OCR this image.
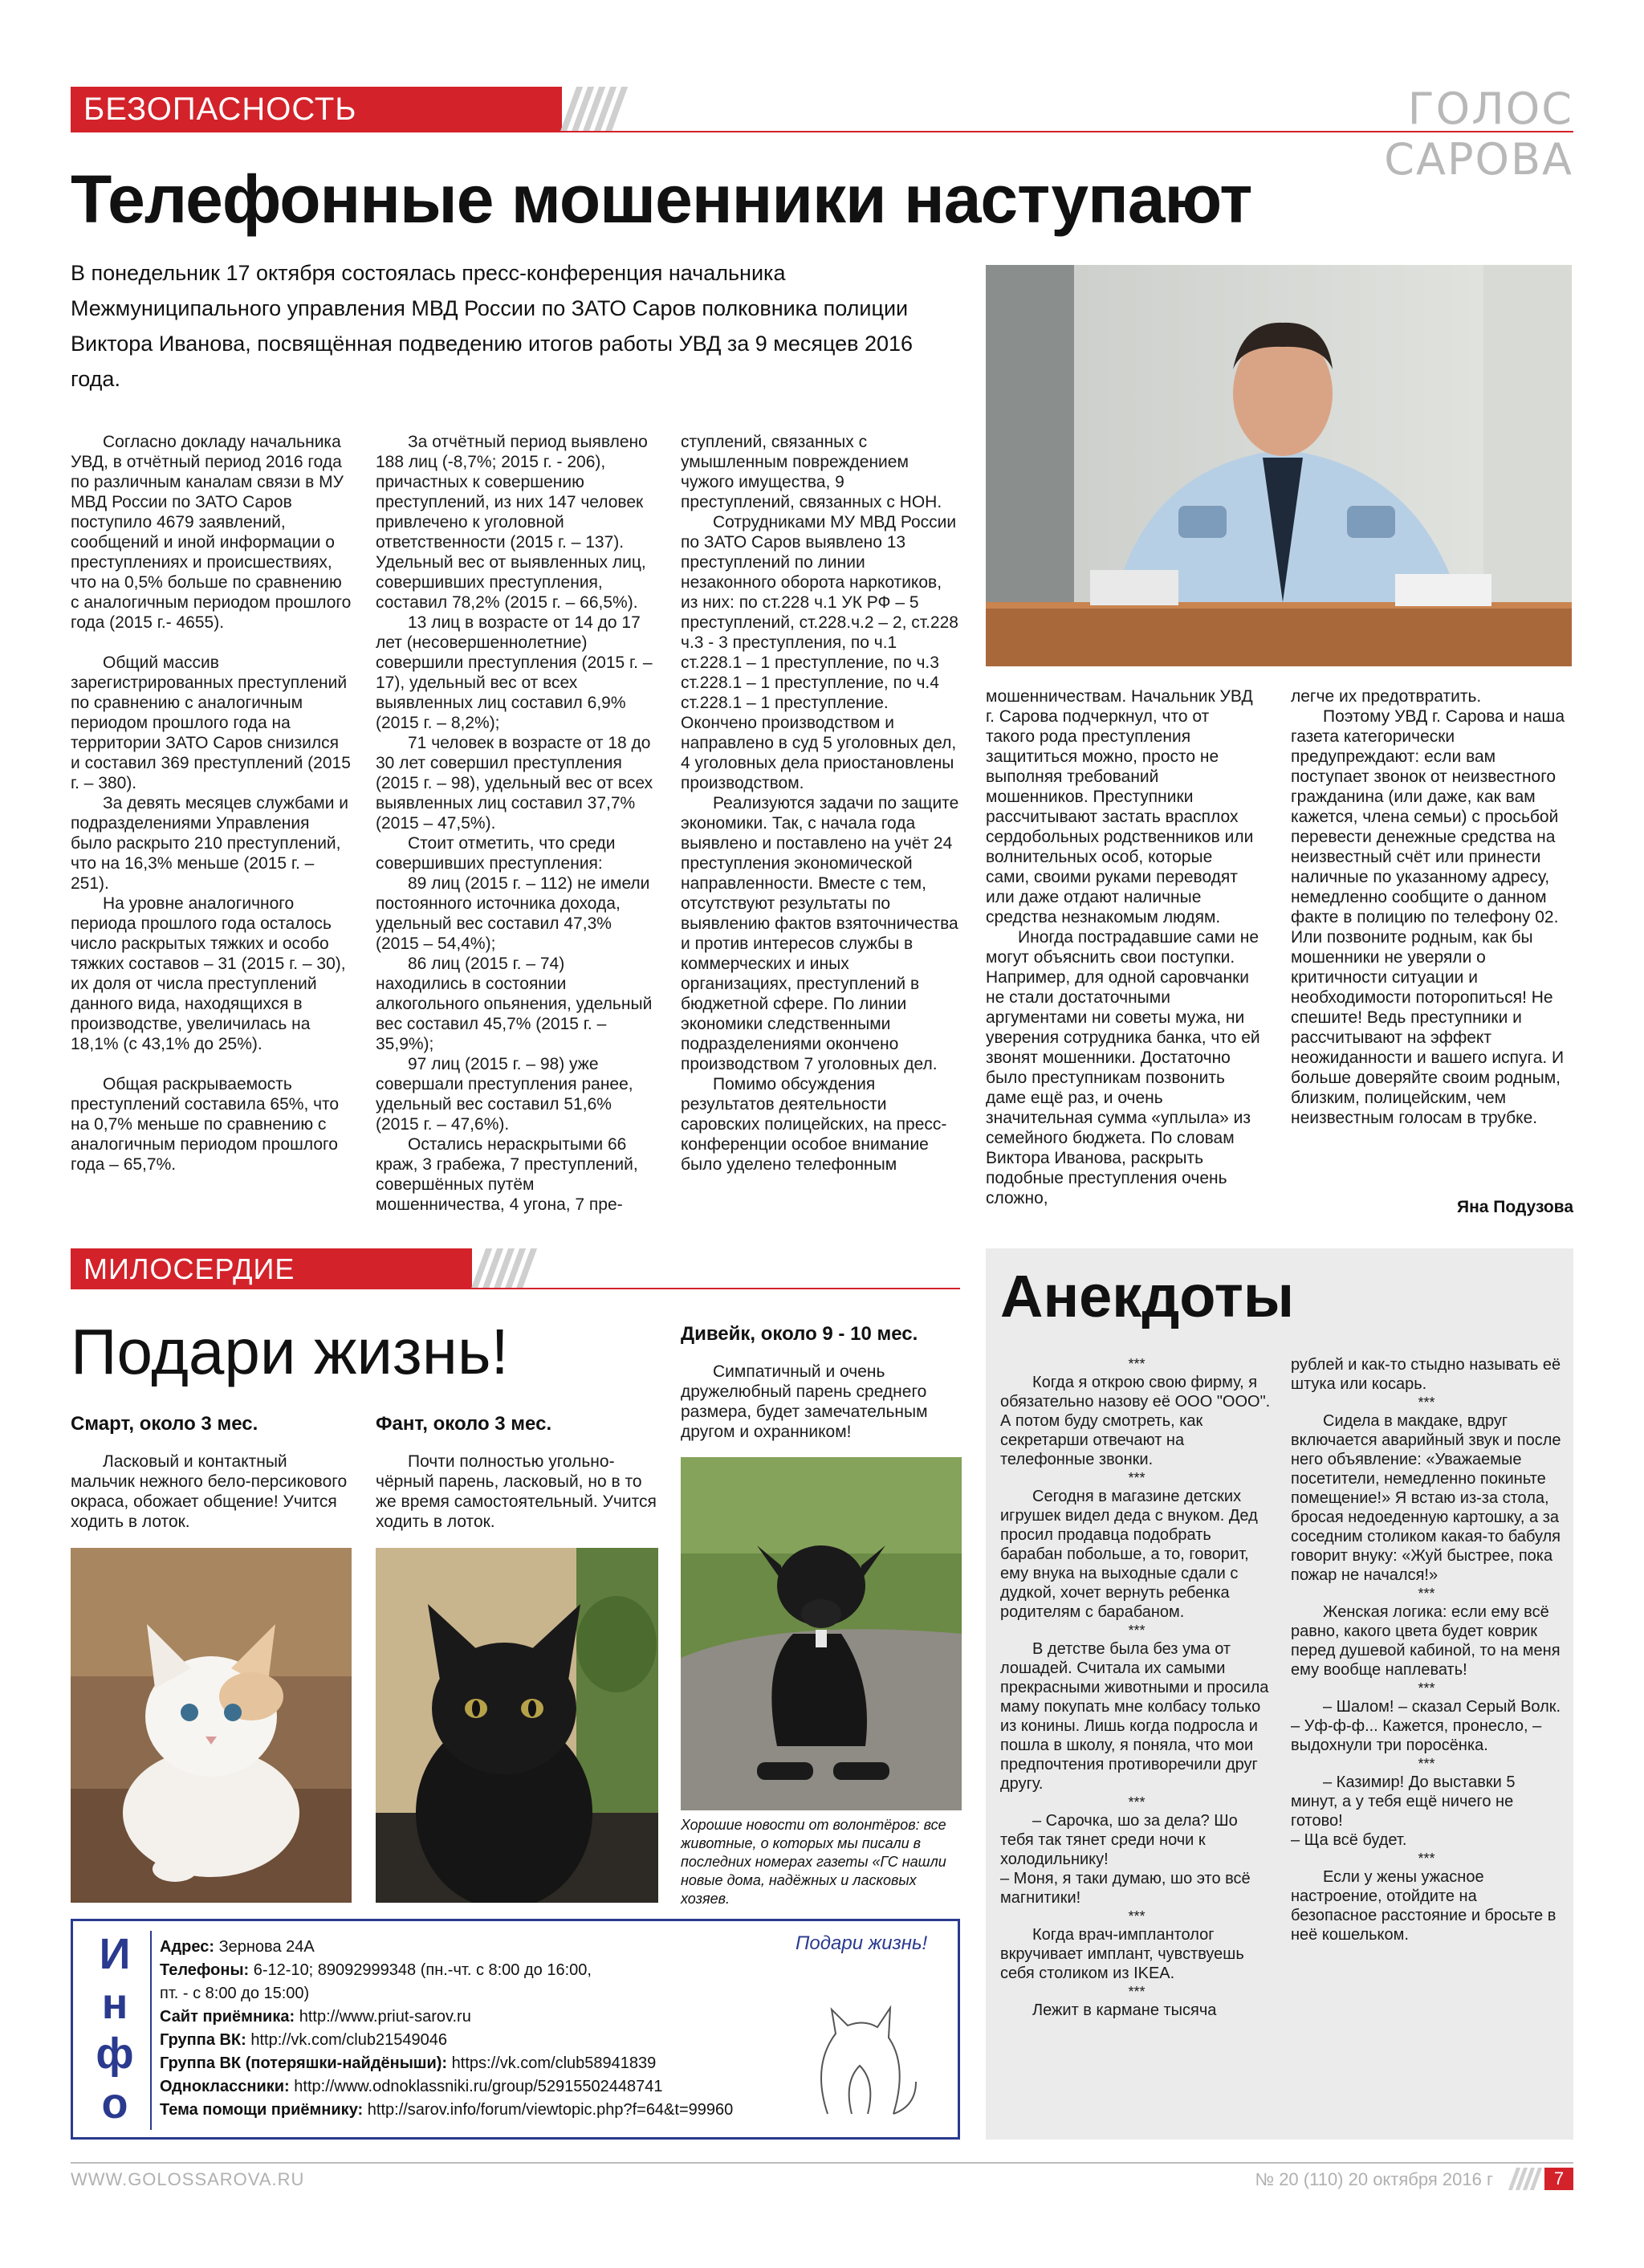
БЕЗОПАСНОСТЬ	ГОЛОС САРОВА
Телефонные мошенники наступают
В понедельник 17 октября состоялась пресс-конференция начальника Межмуниципального управления МВД России по ЗАТО Саров полковника полиции Виктора Иванова, посвящённая подведению итогов работы УВД за 9 месяцев 2016 года.

Согласно докладу начальника УВД, в отчётный период 2016 года по различным каналам связи в МУ МВД России по ЗАТО Саров поступило 4679 заявлений, сообщений и иной информации о преступлениях и происшествиях, что на 0,5% больше по сравнению с аналогичным периодом прошлого года (2015 г.- 4655).

Общий массив зарегистрированных преступлений по сравнению с аналогичным периодом прошлого года на территории ЗАТО Саров снизился и составил 369 преступлений (2015 г. – 380).

За девять месяцев службами и подразделениями Управления было раскрыто 210 преступлений, что на 16,3% меньше (2015 г. – 251).

На уровне аналогичного периода прошлого года осталось число раскрытых тяжких и особо тяжких составов – 31 (2015 г. – 30), их доля от числа преступлений данного вида, находящихся в производстве, увеличилась на 18,1% (с 43,1% до 25%).

Общая раскрываемость преступлений составила 65%, что на 0,7% меньше по сравнению с аналогичным периодом прошлого года – 65,7%.

За отчётный период выявлено 188 лиц (-8,7%; 2015 г. - 206), причастных к совершению преступлений, из них 147 человек привлечено к уголовной ответственности (2015 г. – 137). Удельный вес от выявленных лиц, совершивших преступления, составил 78,2% (2015 г. – 66,5%).

13 лиц в возрасте от 14 до 17 лет (несовершеннолетние) совершили преступления (2015 г. – 17), удельный вес от всех выявленных лиц составил 6,9% (2015 г. – 8,2%);

71 человек в возрасте от 18 до 30 лет совершил преступления (2015 г. – 98), удельный вес от всех выявленных лиц составил 37,7% (2015 – 47,5%).

Стоит отметить, что среди совершивших преступления:

89 лиц (2015 г. – 112) не имели постоянного источника дохода, удельный вес составил 47,3% (2015 – 54,4%);

86 лиц (2015 г. – 74) находились в состоянии алкогольного опьянения, удельный вес составил 45,7% (2015 г. – 35,9%);

97 лиц (2015 г. – 98) уже совершали преступления ранее, удельный вес составил 51,6% (2015 г. – 47,6%).

Остались нераскрытыми 66 краж, 3 грабежа, 7 преступлений, совершённых путём мошенничества, 4 угона, 7 пре-

ступлений, связанных с умышленным повреждением чужого имущества, 9 преступлений, связанных с НОН.

Сотрудниками МУ МВД России по ЗАТО Саров выявлено 13 преступлений по линии незаконного оборота наркотиков, из них: по ст.228 ч.1 УК РФ – 5 преступлений, ст.228.ч.2 – 2, ст.228 ч.3 - 3 преступления, по ч.1 ст.228.1 – 1 преступление, по ч.3 ст.228.1 – 1 преступление, по ч.4 ст.228.1 – 1 преступление. Окончено производством и направлено в суд 5 уголовных дел, 4 уголовных дела приостановлены производством.

Реализуются задачи по защите экономики. Так, с начала года выявлено и поставлено на учёт 24 преступления экономической направленности. Вместе с тем, отсутствуют результаты по выявлению фактов взяточничества и против интересов службы в коммерческих и иных организациях, преступлений в бюджетной сфере. По линии экономики следственными подразделениями окончено производством 7 уголовных дел.

Помимо обсуждения результатов деятельности саровских полицейских, на пресс-конференции особое внимание было уделено телефонным

мошенничествам. Начальник УВД г. Сарова подчеркнул, что от такого рода преступления защититься можно, просто не выполняя требований мошенников. Преступники рассчитывают застать врасплох сердобольных родственников или волнительных особ, которые сами, своими руками переводят или даже отдают наличные средства незнакомым людям.

Иногда пострадавшие сами не могут объяснить свои поступки. Например, для одной саровчанки не стали достаточными аргументами ни советы мужа, ни уверения сотрудника банка, что ей звонят мошенники. Достаточно было преступникам позвонить даме ещё раз, и очень значительная сумма «уплыла» из семейного бюджета. По словам Виктора Иванова, раскрыть подобные преступления очень сложно,

легче их предотвратить.

Поэтому УВД г. Сарова и наша газета категорически предупреждают: если вам поступает звонок от неизвестного гражданина (или даже, как вам кажется, члена семьи) с просьбой перевести денежные средства на неизвестный счёт или принести наличные по указанному адресу, немедленно сообщите о данном факте в полицию по телефону 02. Или позвоните родным, как бы мошенники не уверяли о критичности ситуации и необходимости поторопиться! Не спешите! Ведь преступники и рассчитывают на эффект неожиданности и вашего испуга. И больше доверяйте своим родным, близким, полицейским, чем неизвестным голосам в трубке.

Яна Подузова
МИЛОСЕРДИЕ
Подари жизнь!
Смарт, около 3 мес.

Ласковый и контактный мальчик нежного бело-персикового окраса, обожает общение! Учится ходить в лоток.

Фант, около 3 мес.

Почти полностью угольно-чёрный парень, ласковый, но в то же время самостоятельный. Учится ходить в лоток.

Дивейк, около 9 - 10 мес.

Симпатичный и очень дружелюбный парень среднего размера, будет замечательным другом и охранником!

Хорошие новости от волонтёров: все животные, о которых мы писали в последних номерах газеты «ГС нашли новые дома, надёжных и ласковых хозяев.
И
н
ф
о
Адрес: Зернова 24А
Телефоны: 6-12-10; 89092999348 (пн.-чт. с 8:00 до 16:00,
пт. - с 8:00 до 15:00)
Сайт приёмника: http://www.priut-sarov.ru
Группа ВК: http://vk.com/club21549046
Группа ВК (потеряшки-найдёныши): https://vk.com/club58941839
Одноклассники: http://www.odnoklassniki.ru/group/52915502448741
Тема помощи приёмнику: http://sarov.info/forum/viewtopic.php?f=64&t=99960
Подари жизнь!
Анекдоты
***

Когда я открою свою фирму, я обязательно назову её ООО "ООО". А потом буду смотреть, как секретарши отвечают на телефонные звонки.

***

Сегодня в магазине детских игрушек видел деда с внуком. Дед просил продавца подобрать барабан побольше, а то, говорит, ему внука на выходные сдали с дудкой, хочет вернуть ребенка родителям с барабаном.

***

В детстве была без ума от лошадей. Считала их самыми прекрасными животными и просила маму покупать мне колбасу только из конины. Лишь когда подросла и пошла в школу, я поняла, что мои предпочтения противоречили друг другу.

***

– Сарочка, шо за дела? Шо тебя так тянет среди ночи к холодильнику!
– Моня, я таки думаю, шо это всё магнитики!

***

Когда врач-имплантолог вкручивает имплант, чувствуешь себя столиком из IKEA.

***

Лежит в кармане тысяча

рублей и как-то стыдно называть её штука или косарь.

***

Сидела в макдаке, вдруг включается аварийный звук и после него объявление: «Уважаемые посетители, немедленно покиньте помещение!» Я встаю из-за стола, бросая недоеденную картошку, а за соседним столиком какая-то бабуля говорит внуку: «Жуй быстрее, пока пожар не начался!»

***

Женская логика: если ему всё равно, какого цвета будет коврик перед душевой кабиной, то на меня ему вообще наплевать!

***

– Шалом! – сказал Серый Волк.
– Уф-ф-ф... Кажется, пронесло, – выдохнули три поросёнка.

***

– Казимир! До выставки 5 минут, а у тебя ещё ничего не готово!
– Ща всё будет.

***

Если у жены ужасное настроение, отойдите на безопасное расстояние и бросьте в неё кошельком.

WWW.GOLOSSAROVA.RU	№ 20 (110) 20 октября 2016 г	7
